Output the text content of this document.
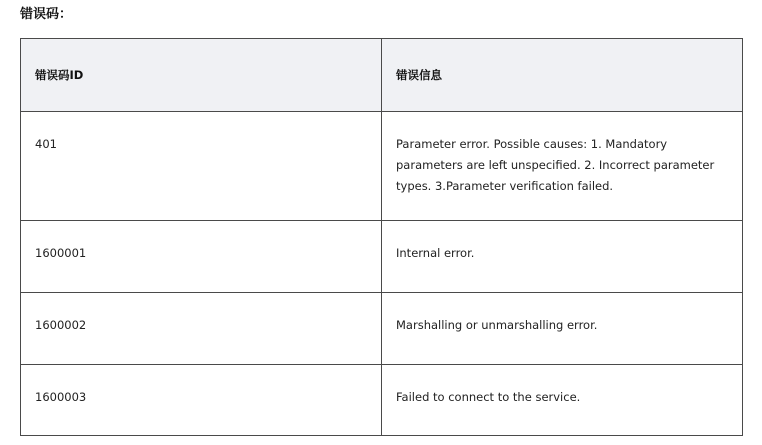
错误码：
错误码ID	错误信息
401	Parameter error. Possible causes: 1. Mandatory parameters are left unspecified. 2. Incorrect parameter types. 3.Parameter verification failed.
1600001	Internal error.
1600002	Marshalling or unmarshalling error.
1600003	Failed to connect to the service.
